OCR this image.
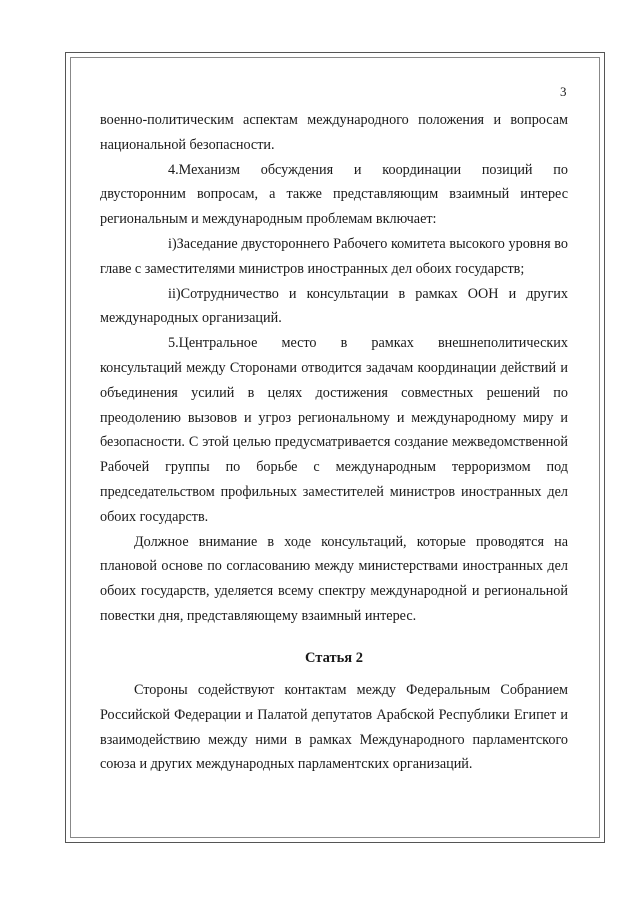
3

военно-политическим аспектам международного положения и вопросам национальной безопасности.

4.Механизм обсуждения и координации позиций по двусторонним вопросам, а также представляющим взаимный интерес региональным и международным проблемам включает:

i)Заседание двустороннего Рабочего комитета высокого уровня во главе с заместителями министров иностранных дел обоих государств;

ii)Сотрудничество и консультации в рамках ООН и других международных организаций.

5.Центральное место в рамках внешнеполитических консультаций между Сторонами отводится задачам координации действий и объединения усилий в целях достижения совместных решений по преодолению вызовов и угроз региональному и международному миру и безопасности. С этой целью предусматривается создание межведомственной Рабочей группы по борьбе с международным терроризмом под председательством профильных заместителей министров иностранных дел обоих государств.

Должное внимание в ходе консультаций, которые проводятся на плановой основе по согласованию между министерствами иностранных дел обоих государств, уделяется всему спектру международной и региональной повестки дня, представляющему взаимный интерес.

Статья 2

Стороны содействуют контактам между Федеральным Собранием Российской Федерации и Палатой депутатов Арабской Республики Египет и взаимодействию между ними в рамках Международного парламентского союза и других международных парламентских организаций.
